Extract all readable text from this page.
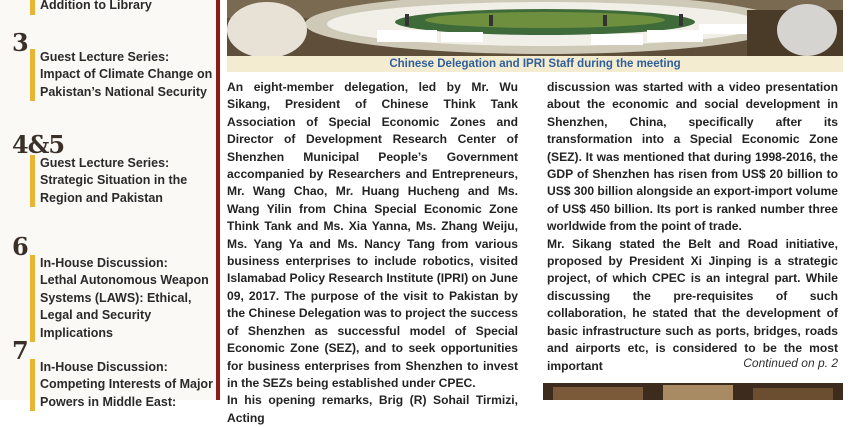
Addition to Library
3 Guest Lecture Series:
Impact of Climate Change on Pakistan’s National Security
4&5
Guest Lecture Series:
Strategic Situation in the Region and Pakistan
6
In-House Discussion:
Lethal Autonomous Weapon Systems (LAWS): Ethical, Legal and Security Implications
7
In-House Discussion:
Competing Interests of Major Powers in Middle East:
Chinese Delegation and IPRI Staff during the meeting

An eight-member delegation, led by Mr. Wu Sikang, President of Chinese Think Tank Association of Special Economic Zones and Director of Development Research Center of Shenzhen Municipal People’s Government accompanied by Researchers and Entrepreneurs, Mr. Wang Chao, Mr. Huang Hucheng and Ms. Wang Yilin from China Special Economic Zone Think Tank and Ms. Xia Yanna, Ms. Zhang Weiju, Ms. Yang Ya and Ms. Nancy Tang from various business enterprises to include robotics, visited Islamabad Policy Research Institute (IPRI) on June 09, 2017. The purpose of the visit to Pakistan by the Chinese Delegation was to project the success of Shenzhen as successful model of Special Economic Zone (SEZ), and to seek opportunities for business enterprises from Shenzhen to invest in the SEZs being established under CPEC.

In his opening remarks, Brig (R) Sohail Tirmizi, Acting

discussion was started with a video presentation about the economic and social development in Shenzhen, China, specifically after its transformation into a Special Economic Zone (SEZ). It was mentioned that during 1998-2016, the GDP of Shenzhen has risen from US$ 20 billion to US$ 300 billion alongside an export-import volume of US$ 450 billion. Its port is ranked number three worldwide from the point of trade.

Mr. Sikang stated the Belt and Road initiative, proposed by President Xi Jinping is a strategic project, of which CPEC is an integral part. While discussing the pre-requisites of such collaboration, he stated that the development of basic infrastructure such as ports, bridges, roads and airports etc, is considered to be the most important	Continued on p. 2
